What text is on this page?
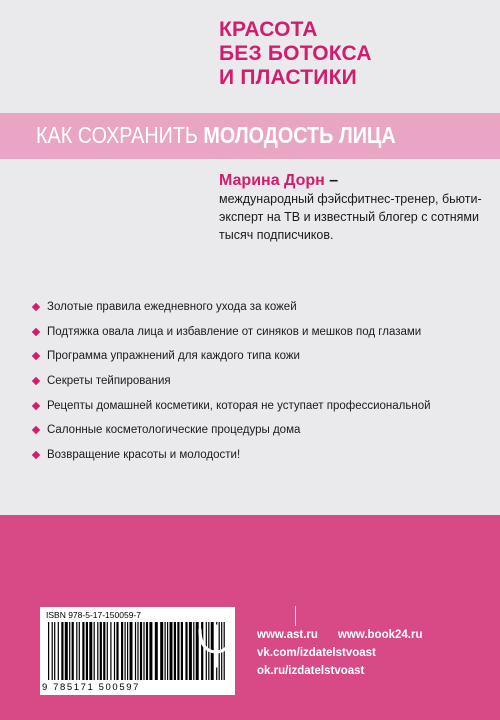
КРАСОТА
БЕЗ БОТОКСА
И ПЛАСТИКИ
КАК СОХРАНИТЬ МОЛОДОСТЬ ЛИЦА
Марина Дорн –
международный фэйсфитнес-тренер, бьюти-эксперт на ТВ и известный блогер с сотнями тысяч подписчиков.
Золотые правила ежедневного ухода за кожей
Подтяжка овала лица и избавление от синяков и мешков под глазами
Программа упражнений для каждого типа кожи
Секреты тейпирования
Рецепты домашней косметики, которая не уступает профессиональной
Салонные косметологические процедуры дома
Возвращение красоты и молодости!
ISBN 978-5-17-150059-7
9 785171 500597
www.ast.ru www.book24.ru
vk.com/izdatelstvoast
ok.ru/izdatelstvoast
